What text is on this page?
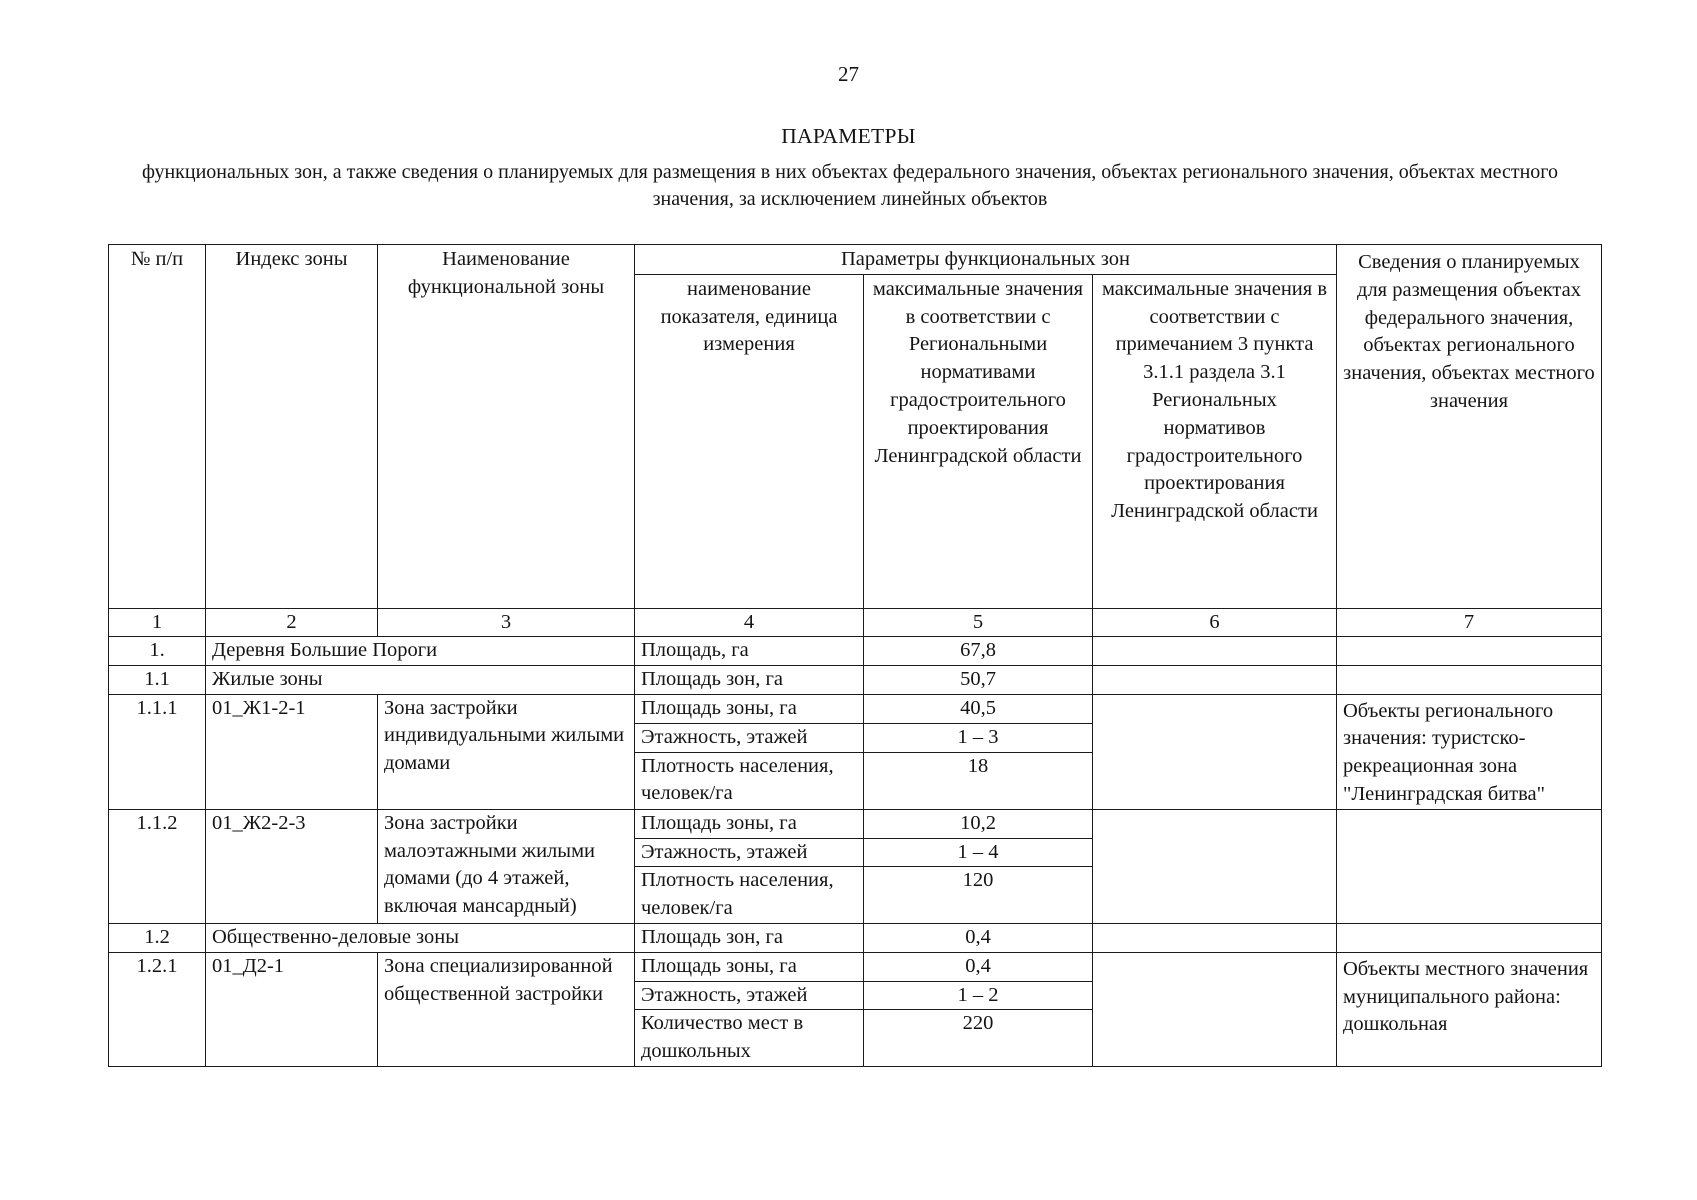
27
ПАРАМЕТРЫ
функциональных зон, а также сведения о планируемых для размещения в них объектах федерального значения, объектах регионального значения, объектах местного значения, за исключением линейных объектов
№ п/п	Индекс зоны	Наименование функциональной зоны	Параметры функциональных зон			Сведения о планируемых для размещения объектах федерального значения, объектах регионального значения, объектах местного значения
			наименование показателя, единица измерения	максимальные значения в соответствии с Региональными нормативами градостроительного проектирования Ленинградской области	максимальные значения в соответствии с примечанием 3 пункта 3.1.1 раздела 3.1 Региональных нормативов градостроительного проектирования Ленинградской области	
1	2	3	4	5	6	7
1.	Деревня Большие Пороги		Площадь, га	67,8		
1.1	Жилые зоны		Площадь зон, га	50,7		
1.1.1	01_Ж1-2-1	Зона застройки индивидуальными жилыми домами	Площадь зоны, га	40,5		Объекты регионального значения: туристско-рекреационная зона "Ленинградская битва"
			Этажность, этажей	1 – 3		
			Плотность населения, человек/га	18		
1.1.2	01_Ж2-2-3	Зона застройки малоэтажными жилыми домами (до 4 этажей, включая мансардный)	Площадь зоны, га	10,2		
			Этажность, этажей	1 – 4		
			Плотность населения, человек/га	120		
1.2	Общественно-деловые зоны		Площадь зон, га	0,4		
1.2.1	01_Д2-1	Зона специализированной общественной застройки	Площадь зоны, га	0,4		Объекты местного значения муниципального района: дошкольная
			Этажность, этажей	1 – 2		
			Количество мест в дошкольных	220		
